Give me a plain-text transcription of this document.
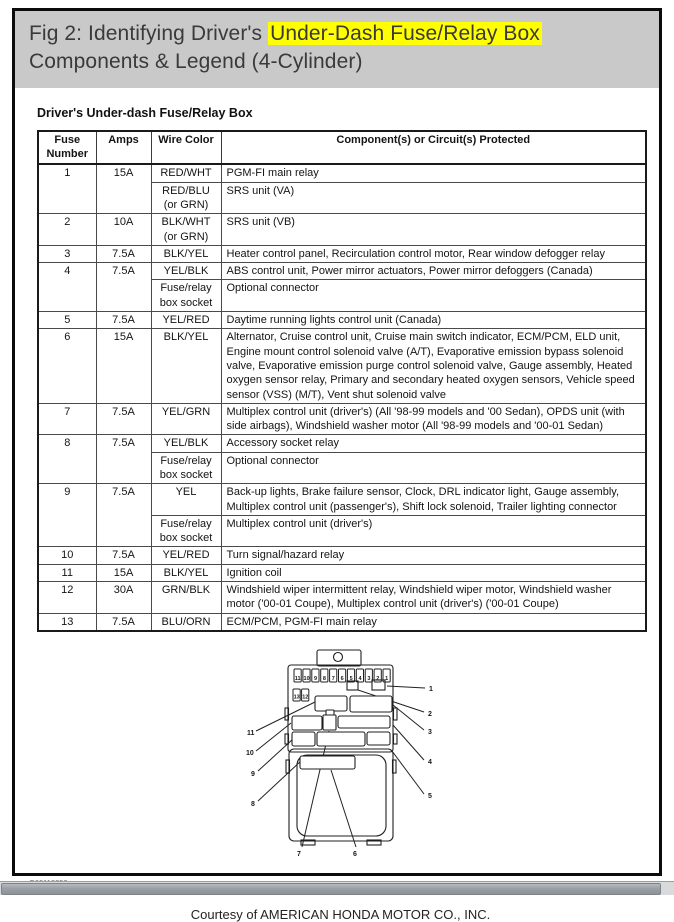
Fig 2: Identifying Driver's Under-Dash Fuse/Relay Box Components & Legend (4-Cylinder)
Driver's Under-dash Fuse/Relay Box
Fuse Number	Amps	Wire Color	Component(s) or Circuit(s) Protected
1	15A	RED/WHT	PGM-FI main relay
		RED/BLU (or GRN)	SRS unit (VA)
2	10A	BLK/WHT (or GRN)	SRS unit (VB)
3	7.5A	BLK/YEL	Heater control panel, Recirculation control motor, Rear window defogger relay
4	7.5A	YEL/BLK	ABS control unit, Power mirror actuators, Power mirror defoggers (Canada)
		Fuse/relay box socket	Optional connector
5	7.5A	YEL/RED	Daytime running lights control unit (Canada)
6	15A	BLK/YEL	Alternator, Cruise control unit, Cruise main switch indicator, ECM/PCM, ELD unit, Engine mount control solenoid valve (A/T), Evaporative emission bypass solenoid valve, Evaporative emission purge control solenoid valve, Gauge assembly, Heated oxygen sensor relay, Primary and secondary heated oxygen sensors, Vehicle speed sensor (VSS) (M/T), Vent shut solenoid valve
7	7.5A	YEL/GRN	Multiplex control unit (driver's) (All '98-99 models and '00 Sedan), OPDS unit (with side airbags), Windshield washer motor (All '98-99 models and '00-01 Sedan)
8	7.5A	YEL/BLK	Accessory socket relay
		Fuse/relay box socket	Optional connector
9	7.5A	YEL	Back-up lights, Brake failure sensor, Clock, DRL indicator light, Gauge assembly, Multiplex control unit (passenger's), Shift lock solenoid, Trailer lighting connector
		Fuse/relay box socket	Multiplex control unit (driver's)
10	7.5A	YEL/RED	Turn signal/hazard relay
11	15A	BLK/YEL	Ignition coil
12	30A	GRN/BLK	Windshield wiper intermittent relay, Windshield wiper motor, Windshield washer motor ('00-01 Coupe), Multiplex control unit (driver's) ('00-01 Coupe)
13	7.5A	BLU/ORN	ECM/PCM, PGM-FI main relay
11 10 9 8 7 6 5 4 3 2 1
13 12
1
2
3
4
5
6
7
8
9
10
11
Courtesy of AMERICAN HONDA MOTOR CO., INC.
